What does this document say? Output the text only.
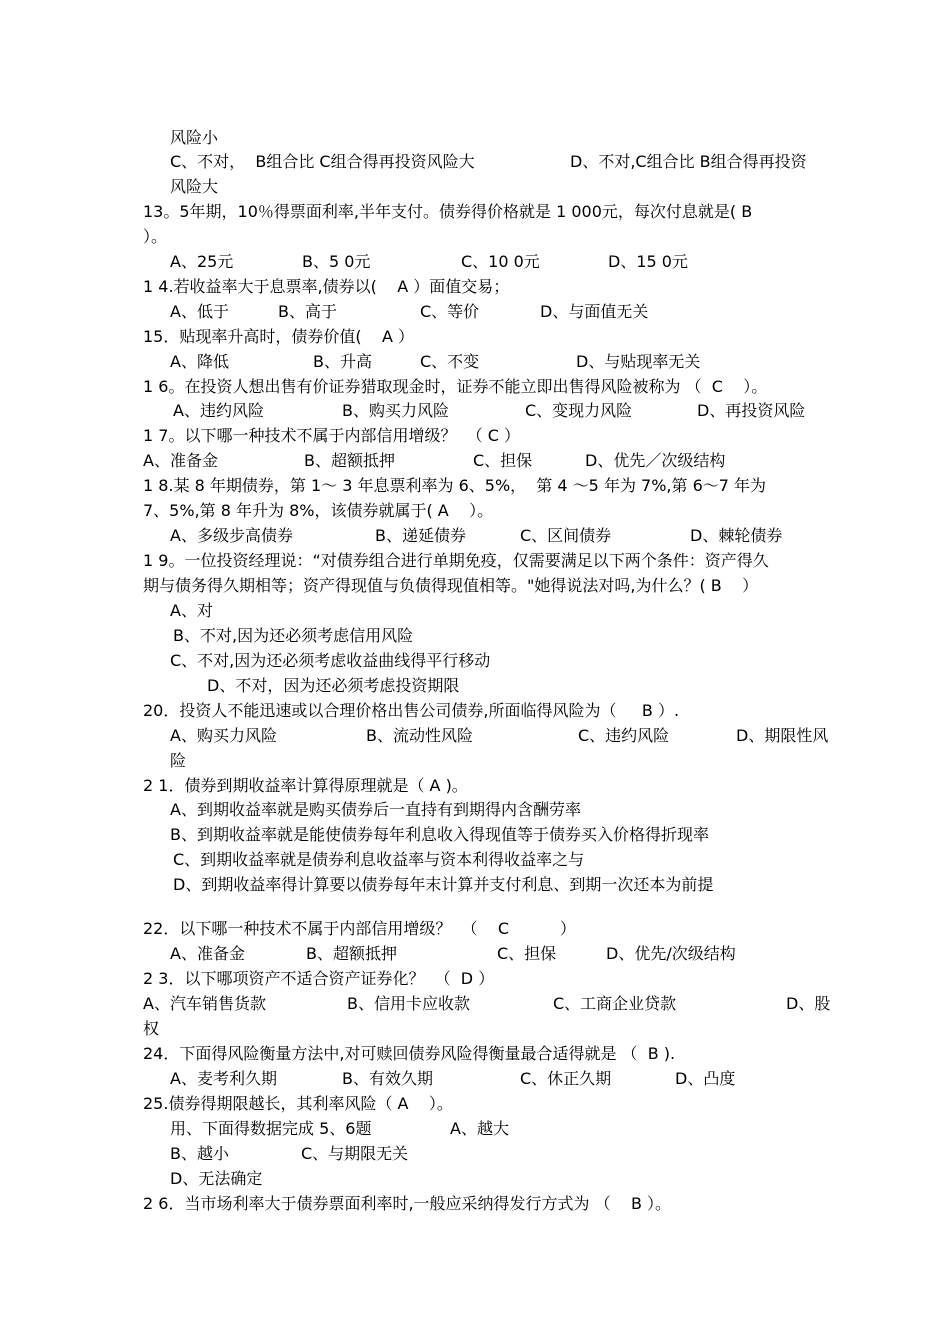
风险小
C、不对，  B组合比 C组合得再投资风险大	D、不对,C组合比 B组合得再投资
风险大
13。5年期，10％得票面利率,半年支付。债券得价格就是 1 000元，每次付息就是( B
）。
A、25元	B、5 0元	C、10 0元	D、15 0元
1 4.若收益率大于息票率,债券以(    A ）面值交易；
A、低于	B、高于	C、等价	D、与面值无关
15．贴现率升高时，债券价值(    A ）
A、降低	B、升高	C、不变	D、与贴现率无关
1 6。在投资人想出售有价证券猎取现金时，证券不能立即出售得风险被称为 （  C    ）。
A、违约风险	B、购买力风险	C、变现力风险	D、再投资风险
1 7。以下哪一种技术不属于内部信用增级？  （ C ）
A、准备金	B、超额抵押	C、担保	D、优先／次级结构
1 8.某 8 年期债券，第 1～ 3 年息票利率为 6、5%，  第 4 ～5 年为 7%,第 6～7 年为
7、5%,第 8 年升为 8%，该债券就属于( A    ）。
A、多级步高债券	B、递延债券	C、区间债券	D、棘轮债券
1 9。一位投资经理说：“对债券组合进行单期免疫，仅需要满足以下两个条件：资产得久
期与债务得久期相等；资产得现值与负债得现值相等。"她得说法对吗,为什么？( B    ）
A、对
B、不对,因为还必须考虑信用风险
C、不对,因为还必须考虑收益曲线得平行移动
D、不对，因为还必须考虑投资期限
20．投资人不能迅速或以合理价格出售公司债券,所面临得风险为（     B ）.
A、购买力风险	B、流动性风险	C、违约风险	D、期限性风
险
2 1．债券到期收益率计算得原理就是（ A )。
A、到期收益率就是购买债券后一直持有到期得内含酬劳率
B、到期收益率就是能使债券每年利息收入得现值等于债券买入价格得折现率
C、到期收益率就是债券利息收益率与资本利得收益率之与
D、到期收益率得计算要以债券每年末计算并支付利息、到期一次还本为前提
22．以下哪一种技术不属于内部信用增级？  （    C          ）
A、准备金	B、超额抵押	C、担保	D、优先/次级结构
2 3．以下哪项资产不适合资产证券化？  （  D ）
A、汽车销售货款	B、信用卡应收款	C、工商企业贷款	D、股
权
24．下面得风险衡量方法中,对可赎回债券风险得衡量最合适得就是 （  B ).
A、麦考利久期	B、有效久期	C、休正久期	D、凸度
25.债券得期限越长，其利率风险（ A    ）。
用、下面得数据完成 5、6题	A、越大
B、越小	C、与期限无关
D、无法确定
2 6．当市场利率大于债券票面利率时,一般应采纳得发行方式为 （    B ）。
